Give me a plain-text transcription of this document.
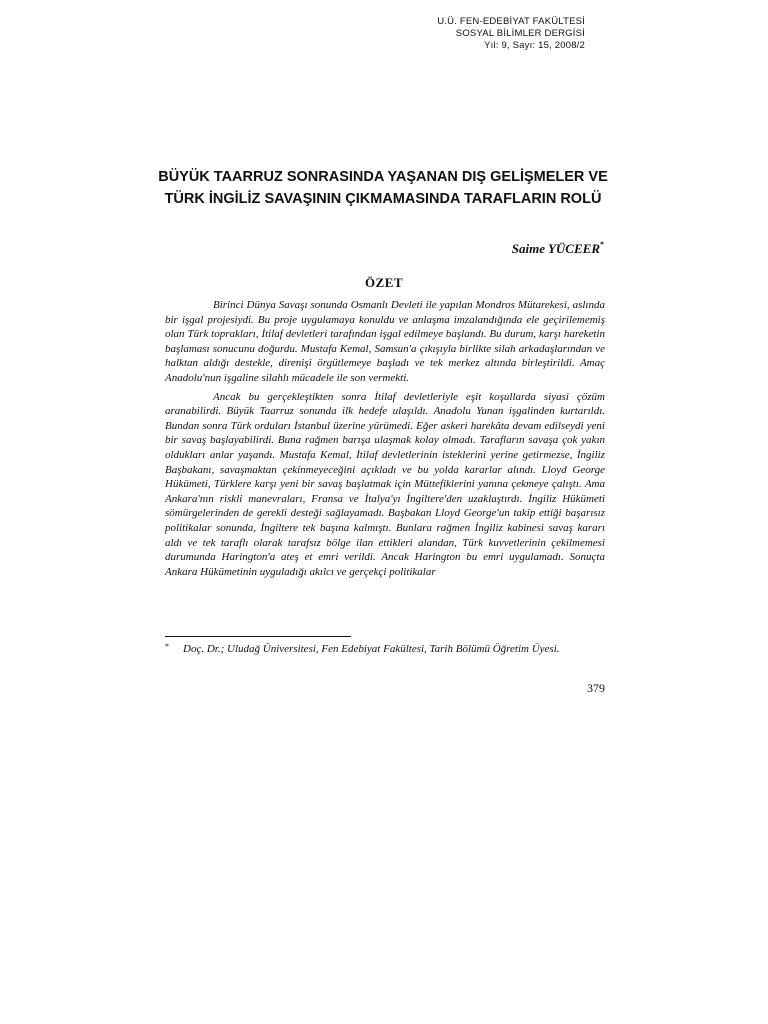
U.Ü. FEN-EDEBİYAT FAKÜLTESİ
SOSYAL BİLİMLER DERGİSİ
Yıl: 9, Sayı: 15, 2008/2
BÜYÜK TAARRUZ SONRASINDA YAŞANAN DIŞ GELİŞMELER VE
TÜRK İNGİLİZ SAVAŞININ ÇIKMAMASINDA TARAFLARIN ROLÜ
Saime YÜCEER*
ÖZET

Birinci Dünya Savaşı sonunda Osmanlı Devleti ile yapılan Mondros Mütarekesi, aslında bir işgal projesiydi. Bu proje uygulamaya konuldu ve anlaşma imzalandığında ele geçirilememiş olan Türk toprakları, İtilaf devletleri tarafından işgal edilmeye başlandı. Bu durum, karşı hareketin başlaması sonucunu doğurdu. Mustafa Kemal, Samsun'a çıkışıyla birlikte silah arkadaşlarından ve halktan aldığı destekle, direnişi örgütlemeye başladı ve tek merkez altında birleştirildi. Amaç Anadolu'nun işgaline silahlı mücadele ile son vermekti.

Ancak bu gerçekleştikten sonra İtilaf devletleriyle eşit koşullarda siyasi çözüm aranabilirdi. Büyük Taarruz sonunda ilk hedefe ulaşıldı. Anadolu Yunan işgalinden kurtarıldı. Bundan sonra Türk orduları İstanbul üzerine yürümedi. Eğer askeri harekâta devam edilseydi yeni bir savaş başlayabilirdi. Buna rağmen barışa ulaşmak kolay olmadı. Tarafların savaşa çok yakın oldukları anlar yaşandı. Mustafa Kemal, İtilaf devletlerinin isteklerini yerine getirmezse, İngiliz Başbakanı, savaşmaktan çekinmeyeceğini açıkladı ve bu yolda kararlar alındı. Lloyd George Hükümeti, Türklere karşı yeni bir savaş başlatmak için Müttefiklerini yanına çekmeye çalıştı. Ama Ankara'nın riskli manevraları, Fransa ve İtalya'yı İngiltere'den uzaklaştırdı. İngiliz Hükümeti sömürgelerinden de gerekli desteği sağlayamadı. Başbakan Lloyd George'un takip ettiği başarısız politikalar sonunda, İngiltere tek başına kalmıştı. Bunlara rağmen İngiliz kabinesi savaş kararı aldı ve tek taraflı olarak tarafsız bölge ilan ettikleri alandan, Türk kuvvetlerinin çekilmemesi durumunda Harington'a ateş et emri verildi. Ancak Harington bu emri uygulamadı. Sonuçta Ankara Hükümetinin uyguladığı akılcı ve gerçekçi politikalar

*	Doç. Dr.; Uludağ Üniversitesi, Fen Edebiyat Fakültesi, Tarih Bölümü Öğretim Üyesi.
379
